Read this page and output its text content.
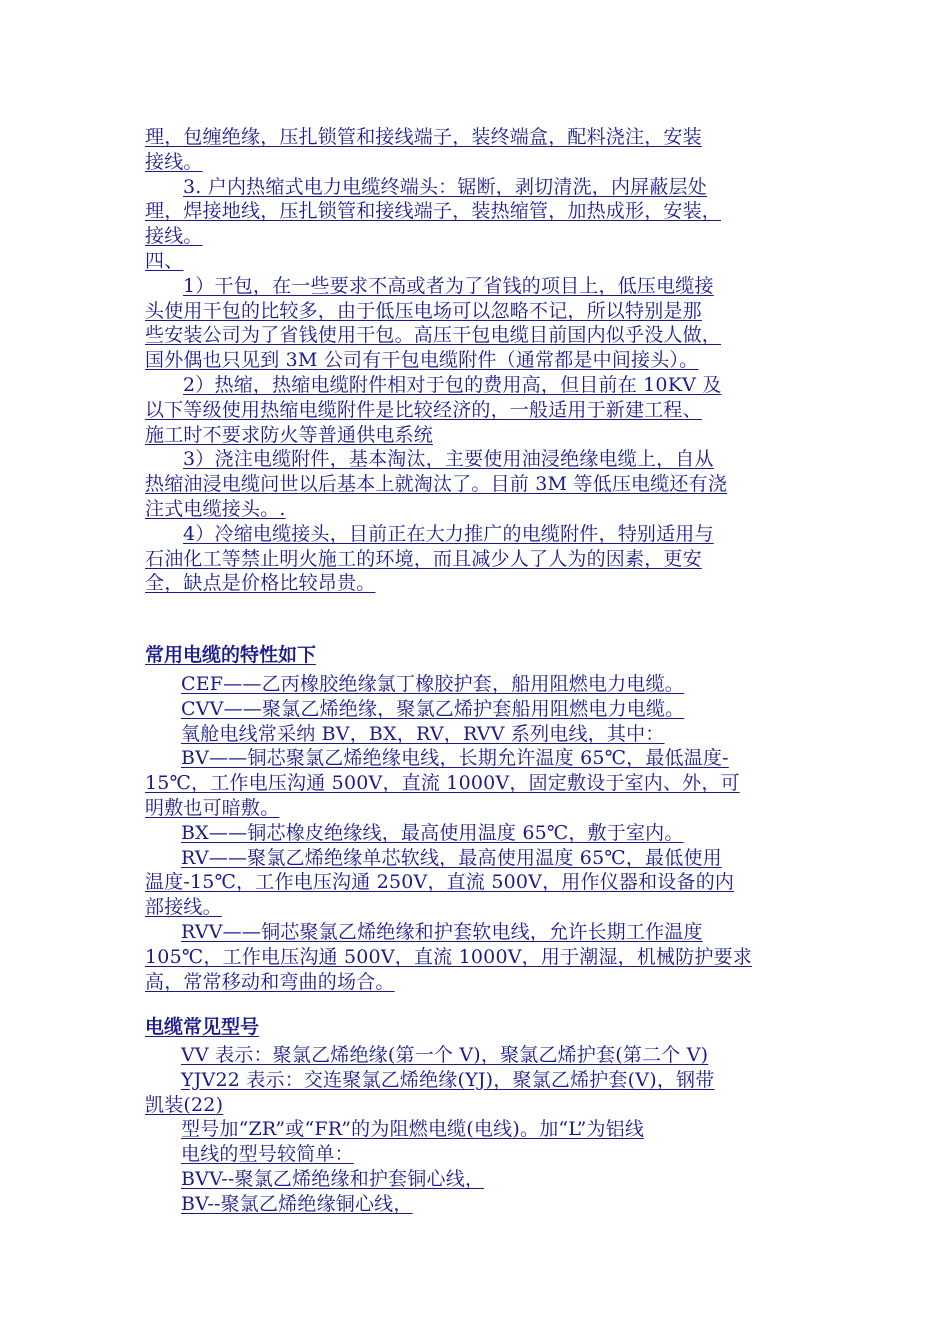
理，包缠绝缘，压扎锁管和接线端子，装终端盒，配料浇注，安装
接线。
3. 户内热缩式电力电缆终端头：锯断，剥切清洗，内屏蔽层处
理，焊接地线，压扎锁管和接线端子，装热缩管，加热成形，安装，
接线。
四、
1）干包，在一些要求不高或者为了省钱的项目上，低压电缆接
头使用干包的比较多，由于低压电场可以忽略不记，所以特别是那
些安装公司为了省钱使用干包。高压干包电缆目前国内似乎没人做，
国外偶也只见到 3M 公司有干包电缆附件（通常都是中间接头）。
2）热缩，热缩电缆附件相对于包的费用高，但目前在 10KV 及
以下等级使用热缩电缆附件是比较经济的，一般适用于新建工程、
施工时不要求防火等普通供电系统
3）浇注电缆附件，基本淘汰，主要使用油浸绝缘电缆上，自从
热缩油浸电缆问世以后基本上就淘汰了。目前 3M 等低压电缆还有浇
注式电缆接头。.
4）冷缩电缆接头，目前正在大力推广的电缆附件，特别适用与
石油化工等禁止明火施工的环境，而且减少人了人为的因素，更安
全，缺点是价格比较昂贵。
常用电缆的特性如下
CEF——乙丙橡胶绝缘氯丁橡胶护套，船用阻燃电力电缆。
CVV——聚氯乙烯绝缘，聚氯乙烯护套船用阻燃电力电缆。
氧舱电线常采纳 BV，BX，RV，RVV 系列电线，其中：
BV——铜芯聚氯乙烯绝缘电线，长期允许温度 65℃，最低温度-
15℃，工作电压沟通 500V，直流 1000V，固定敷设于室内、外，可
明敷也可暗敷。
BX——铜芯橡皮绝缘线，最高使用温度 65℃，敷于室内。
RV——聚氯乙烯绝缘单芯软线，最高使用温度 65℃，最低使用
温度-15℃，工作电压沟通 250V，直流 500V，用作仪器和设备的内
部接线。
RVV——铜芯聚氯乙烯绝缘和护套软电线，允许长期工作温度
105℃，工作电压沟通 500V，直流 1000V，用于潮湿，机械防护要求
高，常常移动和弯曲的场合。
电缆常见型号
VV 表示：聚氯乙烯绝缘(第一个 V)，聚氯乙烯护套(第二个 V)
YJV22 表示：交连聚氯乙烯绝缘(YJ)，聚氯乙烯护套(V)，钢带
凯装(22)
型号加“ZR”或“FR”的为阻燃电缆(电线)。加“L”为铝线
电线的型号较简单：
BVV--聚氯乙烯绝缘和护套铜心线，
BV--聚氯乙烯绝缘铜心线，
